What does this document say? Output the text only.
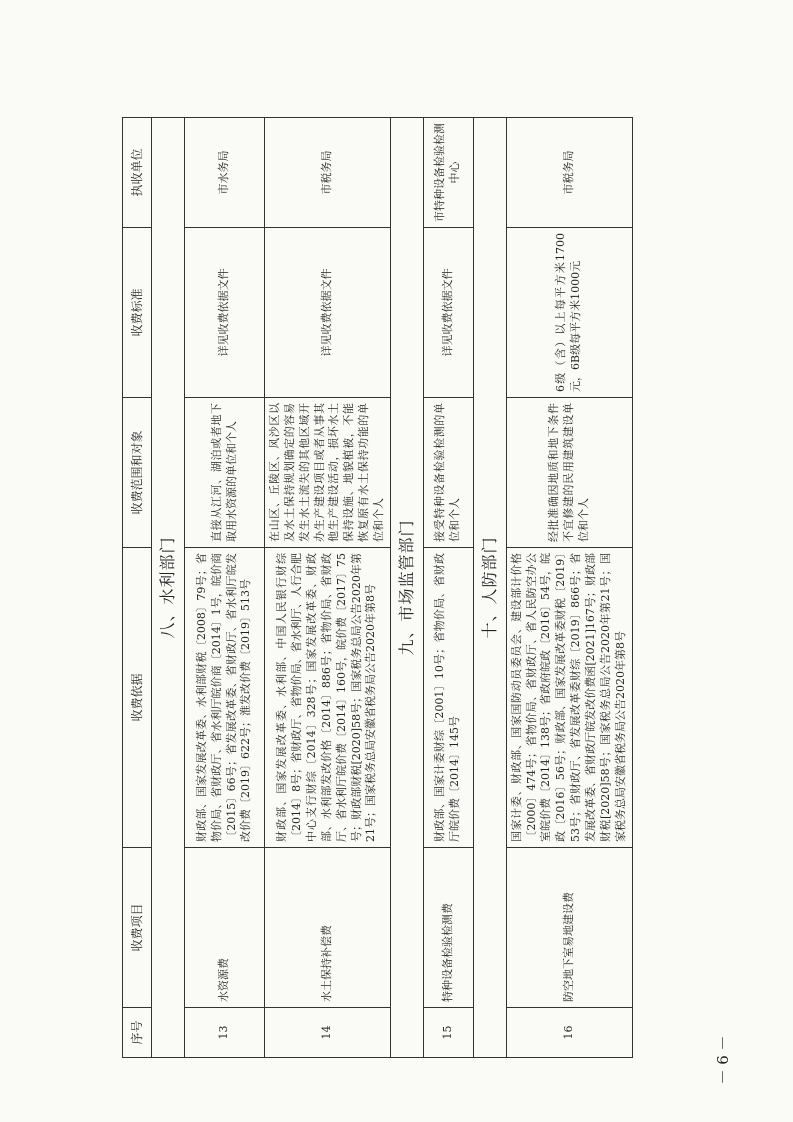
序号	收费项目	收费依据	收费范围和对象	收费标准	执收单位
八、水利部门					
13	水资源费	财政部、国家发展改革委、水利部财税〔2008〕79号；省物价局、省财政厅、省水利厅皖价商〔2014〕1号，皖价商〔2015〕66号；省发展改革委、省财政厅、省水利厅皖发改价费〔2019〕622号；淮发改价费〔2019〕513号	直接从江河、湖泊或者地下取用水资源的单位和个人	详见收费依据文件	市水务局
14	水土保持补偿费	财政部、国家发展改革委、水利部、中国人民银行财综〔2014〕8号；省财政厅、省物价局、省水利厅、人行合肥中心支行财综〔2014〕328号；国家发展改革委、财政部、水利部发改价格〔2014〕886号；省物价局、省财政厅、省水利厅皖价费〔2014〕160号，皖价费〔2017〕75号；财政部财税[2020]58号；国家税务总局公告2020年第21号；国家税务总局安徽省税务局公告2020年第8号	在山区、丘陵区、风沙区以及水土保持规划确定的容易发生水土流失的其他区域开办生产建设项目或者从事其他生产建设活动，损坏水土保持设施、地貌植被，不能恢复原有水土保持功能的单位和个人	详见收费依据文件	市税务局
九、市场监管部门					
15	特种设备检验检测费	财政部、国家计委财综〔2001〕10号；省物价局、省财政厅皖价费〔2014〕145号	接受特种设备检验检测的单位和个人	详见收费依据文件	市特种设备检验检测中心
十、人防部门					
16	防空地下室易地建设费	国家计委、财政部、国家国防动员委员会、建设部计价格〔2000〕474号；省物价局、省财政厅、省人民防空办公室皖价费〔2014〕138号；省政府皖政〔2016〕54号，皖政〔2016〕56号；财政部、国家发展改革委财税〔2019〕53号；省财政厅、省发展改革委财综〔2019〕866号；省发展改革委、省财政厅皖发改价费函[2021]167号；财政部财税[2020]58号；国家税务总局公告2020年第21号；国家税务总局安徽省税务局公告2020年第8号	经批准确因地质和地下条件不宜修建的民用建筑建设单位和个人	6级（含）以上每平方米1700元，6B级每平方米1000元	市税务局
－ 6 －
